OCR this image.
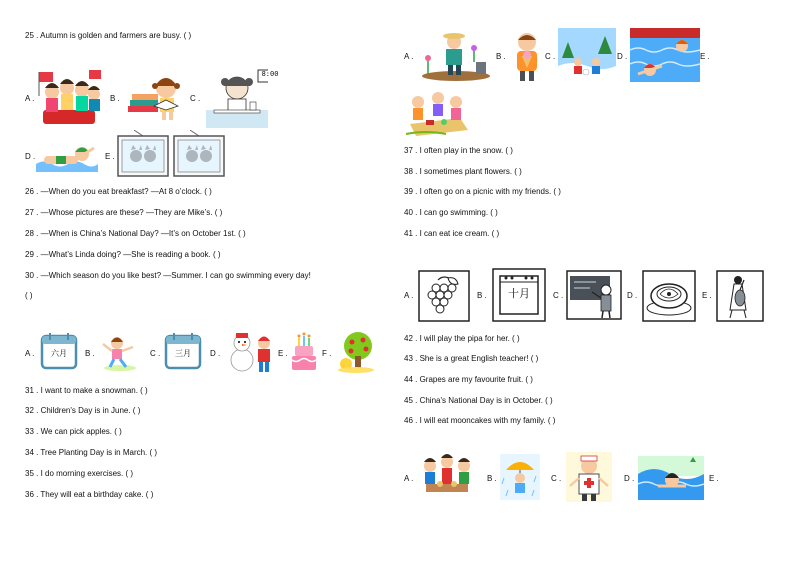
25 . Autumn is golden and farmers are busy. ( )
A .	B .	C .
D .	E .
8:00
26 . —When do you eat breakfast? —At 8 o’clock. ( )
27 . —Whose pictures are these? —They are Mike’s. ( )
28 . —When is China’s National Day? —It’s on October 1st. ( )
29 . —What’s Linda doing? —She is reading a book. ( )
30 . —Which season do you like best? —Summer. I can go swimming every day!
( )
A .	B .	C .	D .	E .	F .
六月	三月
31 . I want to make a snowman. ( )
32 . Children's Day is in June. ( )
33 . We can pick apples. ( )
34 . Tree Planting Day is in March. ( )
35 . I do morning exercises. ( )
36 . They will eat a birthday cake. ( )
A .	B .	C .	D .	E .
37 . I often play in the snow. ( )
38 . I sometimes plant flowers. ( )
39 . I often go on a picnic with my friends. ( )
40 . I can go swimming. ( )
41 . I can eat ice cream. ( )
A .	B .	C .	D .	E .
十月
42 . I will play the pipa for her. ( )
43 . She is a great English teacher! ( )
44 . Grapes are my favourite fruit. ( )
45 . China's National Day is in October. ( )
46 . I will eat mooncakes with my family. ( )
A .	B .	C .	D .	E .
